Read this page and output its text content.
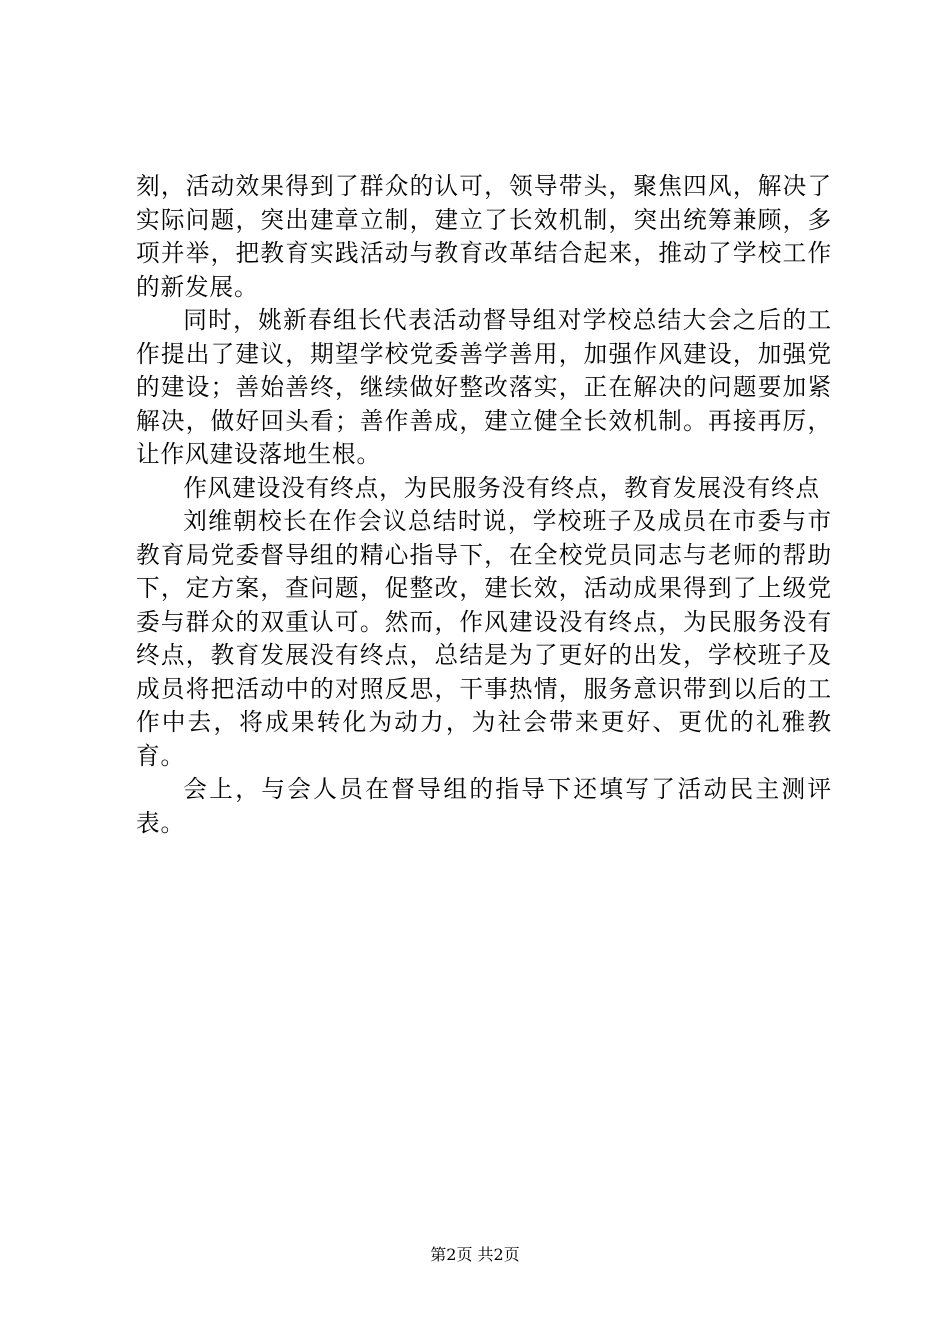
刻，活动效果得到了群众的认可，领导带头，聚焦四风，解决了实际问题，突出建章立制，建立了长效机制，突出统筹兼顾，多项并举，把教育实践活动与教育改革结合起来，推动了学校工作的新发展。

同时，姚新春组长代表活动督导组对学校总结大会之后的工作提出了建议，期望学校党委善学善用，加强作风建设，加强党的建设；善始善终，继续做好整改落实，正在解决的问题要加紧解决，做好回头看；善作善成，建立健全长效机制。再接再厉，让作风建设落地生根。

作风建设没有终点，为民服务没有终点，教育发展没有终点

刘维朝校长在作会议总结时说，学校班子及成员在市委与市教育局党委督导组的精心指导下，在全校党员同志与老师的帮助下，定方案，查问题，促整改，建长效，活动成果得到了上级党委与群众的双重认可。然而，作风建设没有终点，为民服务没有终点，教育发展没有终点，总结是为了更好的出发，学校班子及成员将把活动中的对照反思，干事热情，服务意识带到以后的工作中去，将成果转化为动力，为社会带来更好、更优的礼雅教育。

会上，与会人员在督导组的指导下还填写了活动民主测评表。

第2页 共2页
